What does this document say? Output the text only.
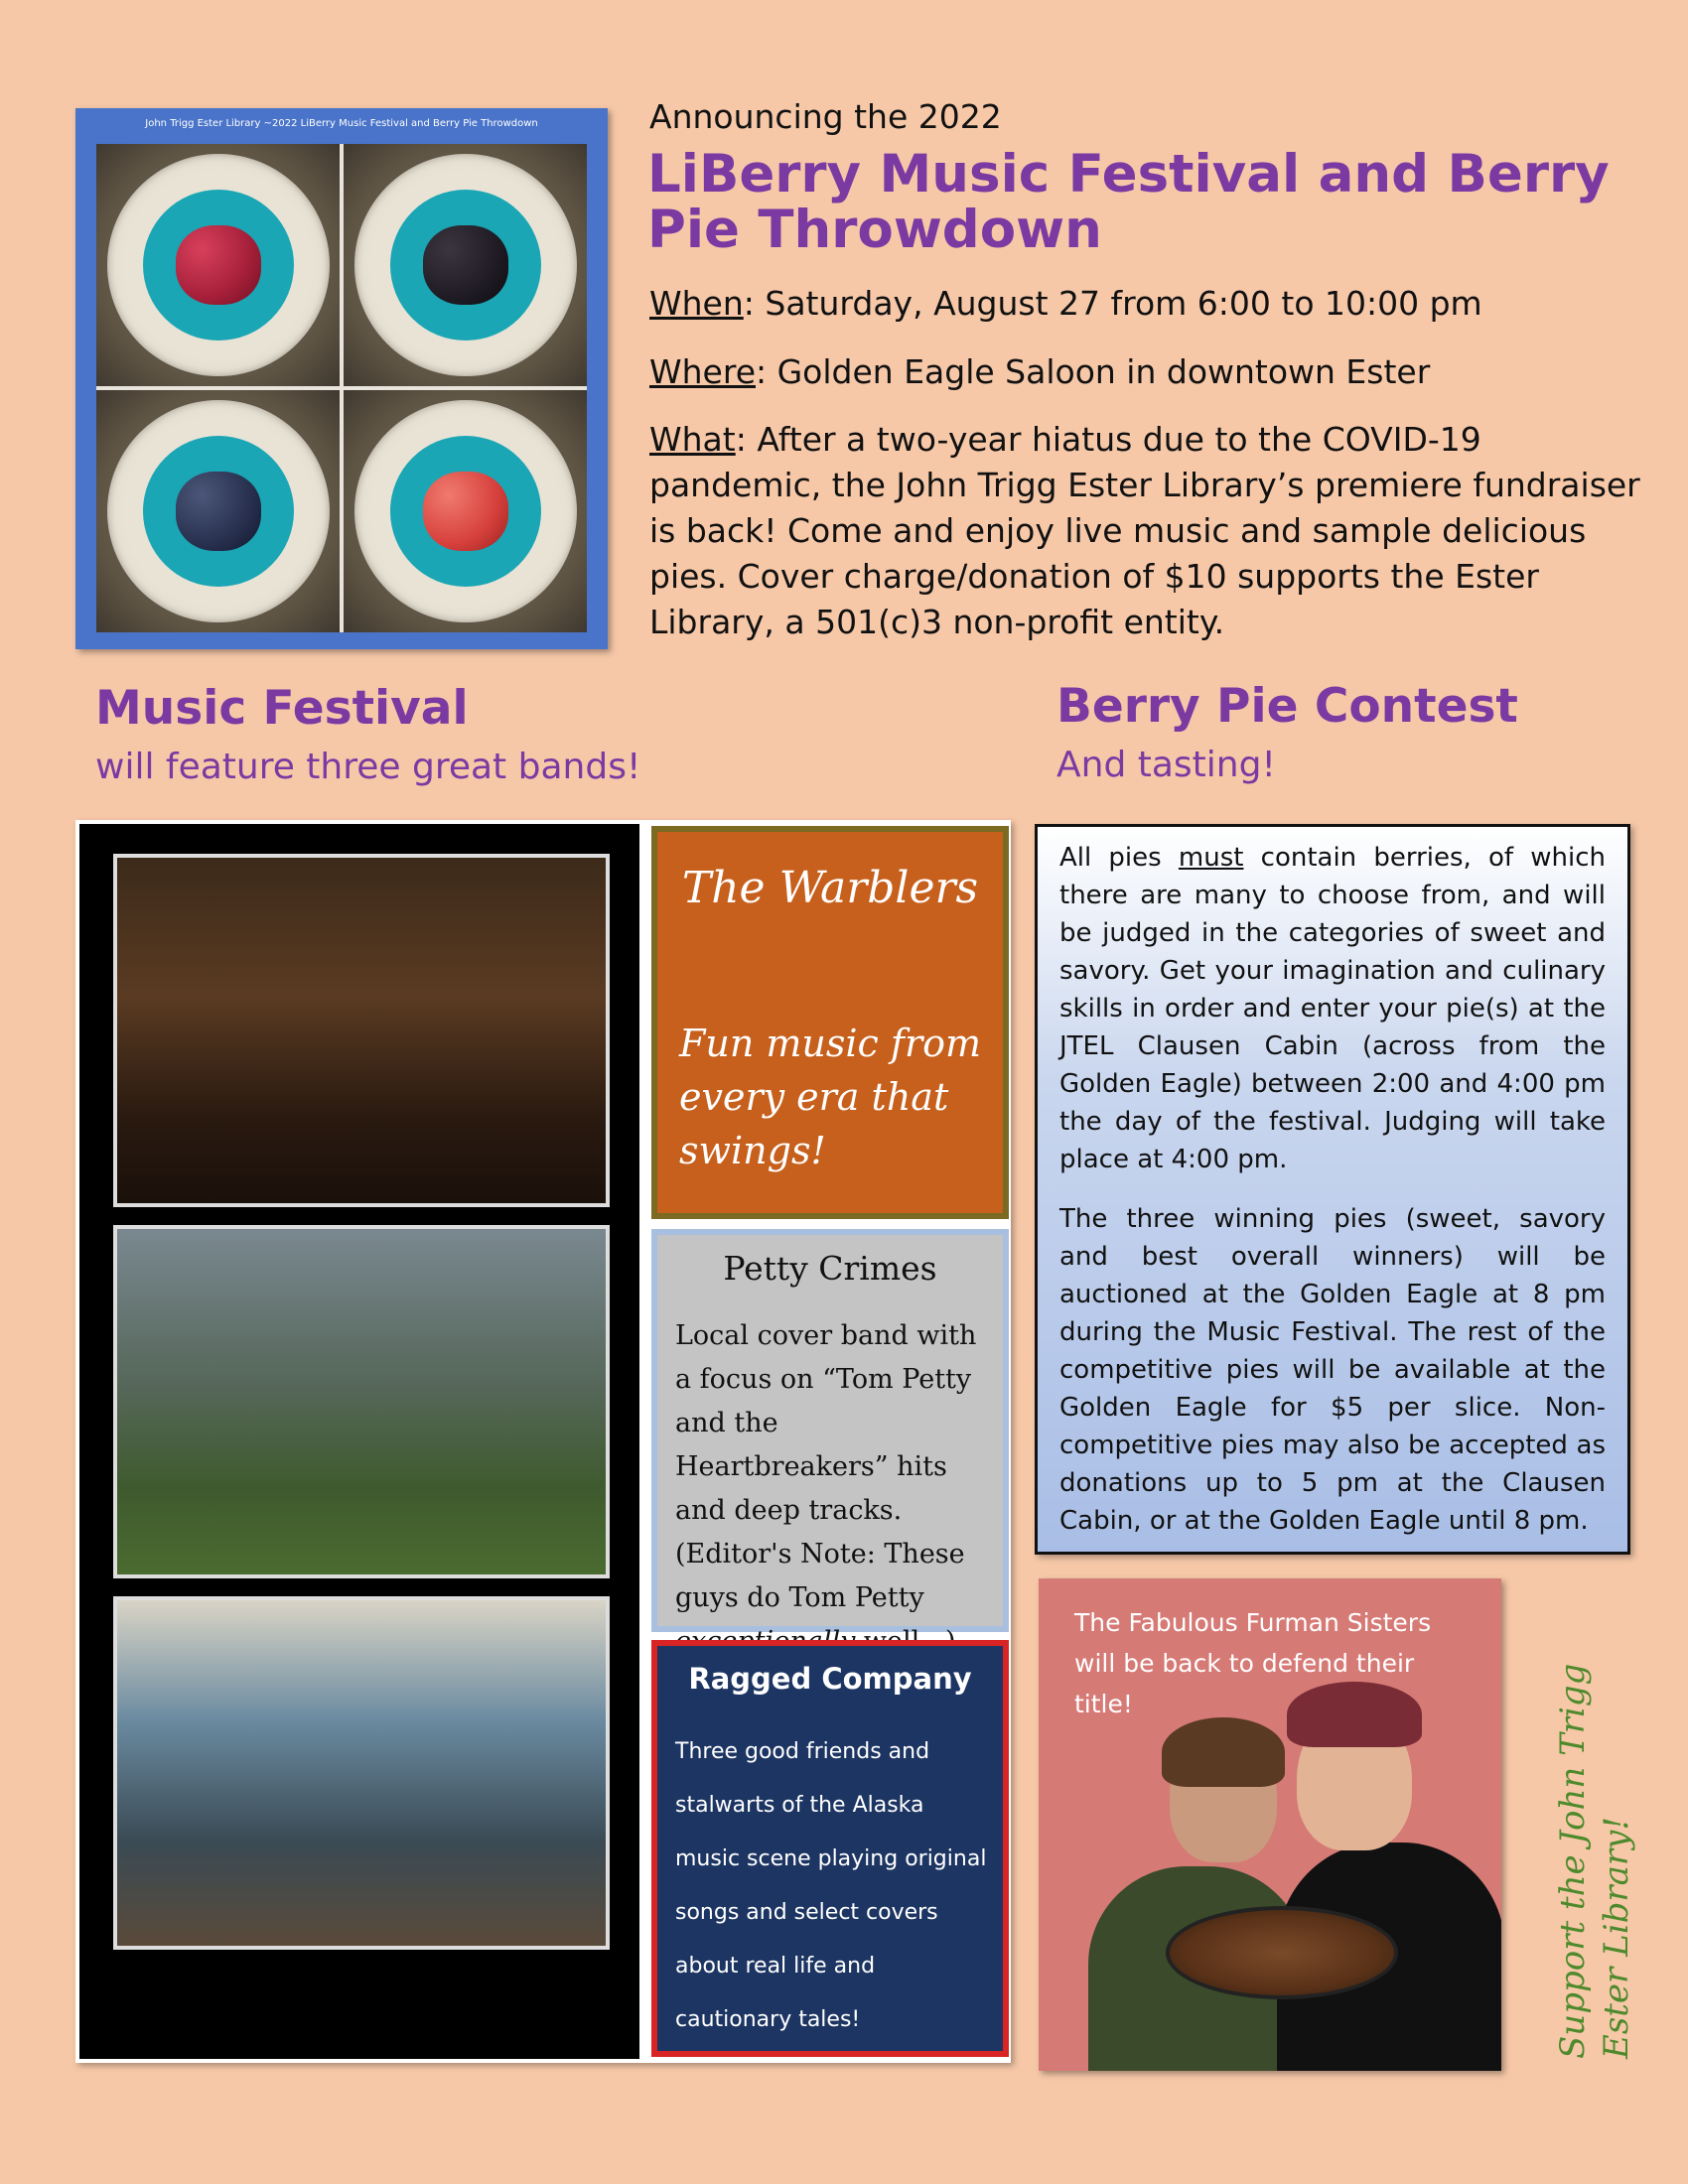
John Trigg Ester Library ~2022 LiBerry Music Festival and Berry Pie Throwdown	Announcing the 2022
LiBerry Music Festival and Berry Pie Throwdown
When: Saturday, August 27 from 6:00 to 10:00 pm
Where: Golden Eagle Saloon in downtown Ester
What: After a two-year hiatus due to the COVID-19 pandemic, the John Trigg Ester Library’s premiere fundraiser is back! Come and enjoy live music and sample delicious pies. Cover charge/donation of $10 supports the Ester Library, a 501(c)3 non-profit entity.
Music Festival
will feature three great bands!
Berry Pie Contest
And tasting!
The Warblers
Fun music from every era that swings!
Petty Crimes
Local cover band with a focus on “Tom Petty and the Heartbreakers” hits and deep tracks. (Editor's Note: These guys do Tom Petty
Ragged Company
Three good friends and stalwarts of the Alaska music scene playing original songs and select covers about real life and cautionary tales!

All pies must contain berries, of which there are many to choose from, and will be judged in the categories of sweet and savory. Get your imagination and culinary skills in order and enter your pie(s) at the JTEL Clausen Cabin (across from the Golden Eagle) between 2:00 and 4:00 pm the day of the festival. Judging will take place at 4:00 pm.

The three winning pies (sweet, savory and best overall winners) will be auctioned at the Golden Eagle at 8 pm during the Music Festival. The rest of the competitive pies will be available at the Golden Eagle for $5 per slice. Non-competitive pies may also be accepted as donations up to 5 pm at the Clausen Cabin, or at the Golden Eagle until 8 pm.

The Fabulous Furman Sisters will be back to defend their title!	Support the John Trigg Ester Library!
